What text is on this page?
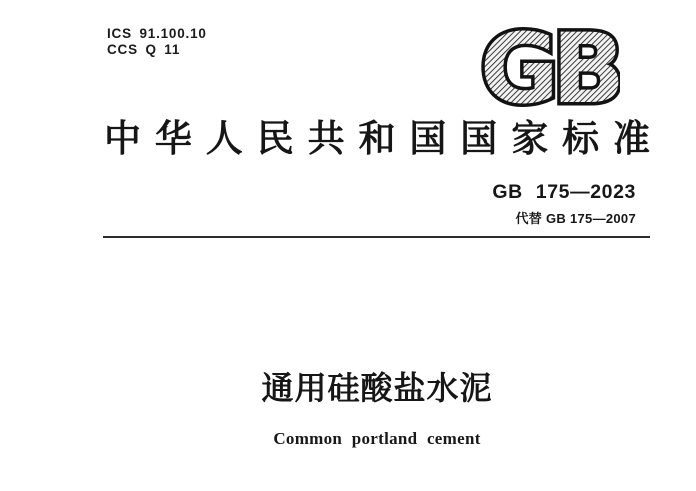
ICS 91.100.10
CCS Q 11	GB
中华人民共和国国家标准
GB 175—2023
代替 GB 175—2007
通用硅酸盐水泥
Common portland cement
